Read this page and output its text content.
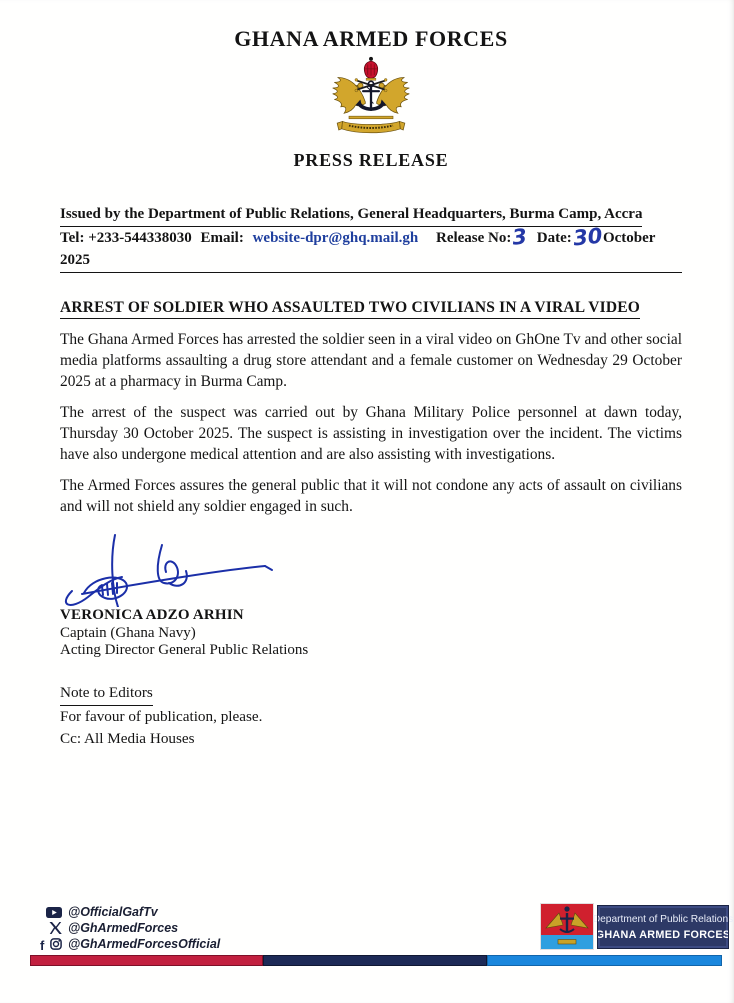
GHANA ARMED FORCES
PRESS RELEASE
Issued by the Department of Public Relations, General Headquarters, Burma Camp, Accra
Tel: +233-544338030 Email: website-dpr@ghq.mail.gh Release No:3 Date:30October 2025
ARREST OF SOLDIER WHO ASSAULTED TWO CIVILIANS IN A VIRAL VIDEO

The Ghana Armed Forces has arrested the soldier seen in a viral video on GhOne Tv and other social media platforms assaulting a drug store attendant and a female customer on Wednesday 29 October 2025 at a pharmacy in Burma Camp.

The arrest of the suspect was carried out by Ghana Military Police personnel at dawn today, Thursday 30 October 2025. The suspect is assisting in investigation over the incident. The victims have also undergone medical attention and are also assisting with investigations.

The Armed Forces assures the general public that it will not condone any acts of assault on civilians and will not shield any soldier engaged in such.

VERONICA ADZO ARHIN
Captain (Ghana Navy)
Acting Director General Public Relations
Note to Editors
For favour of publication, please.
Cc: All Media Houses
@OfficialGafTv
@GhArmedForces
f @GhArmedForcesOfficial
Department of Public Relations
GHANA ARMED FORCES
